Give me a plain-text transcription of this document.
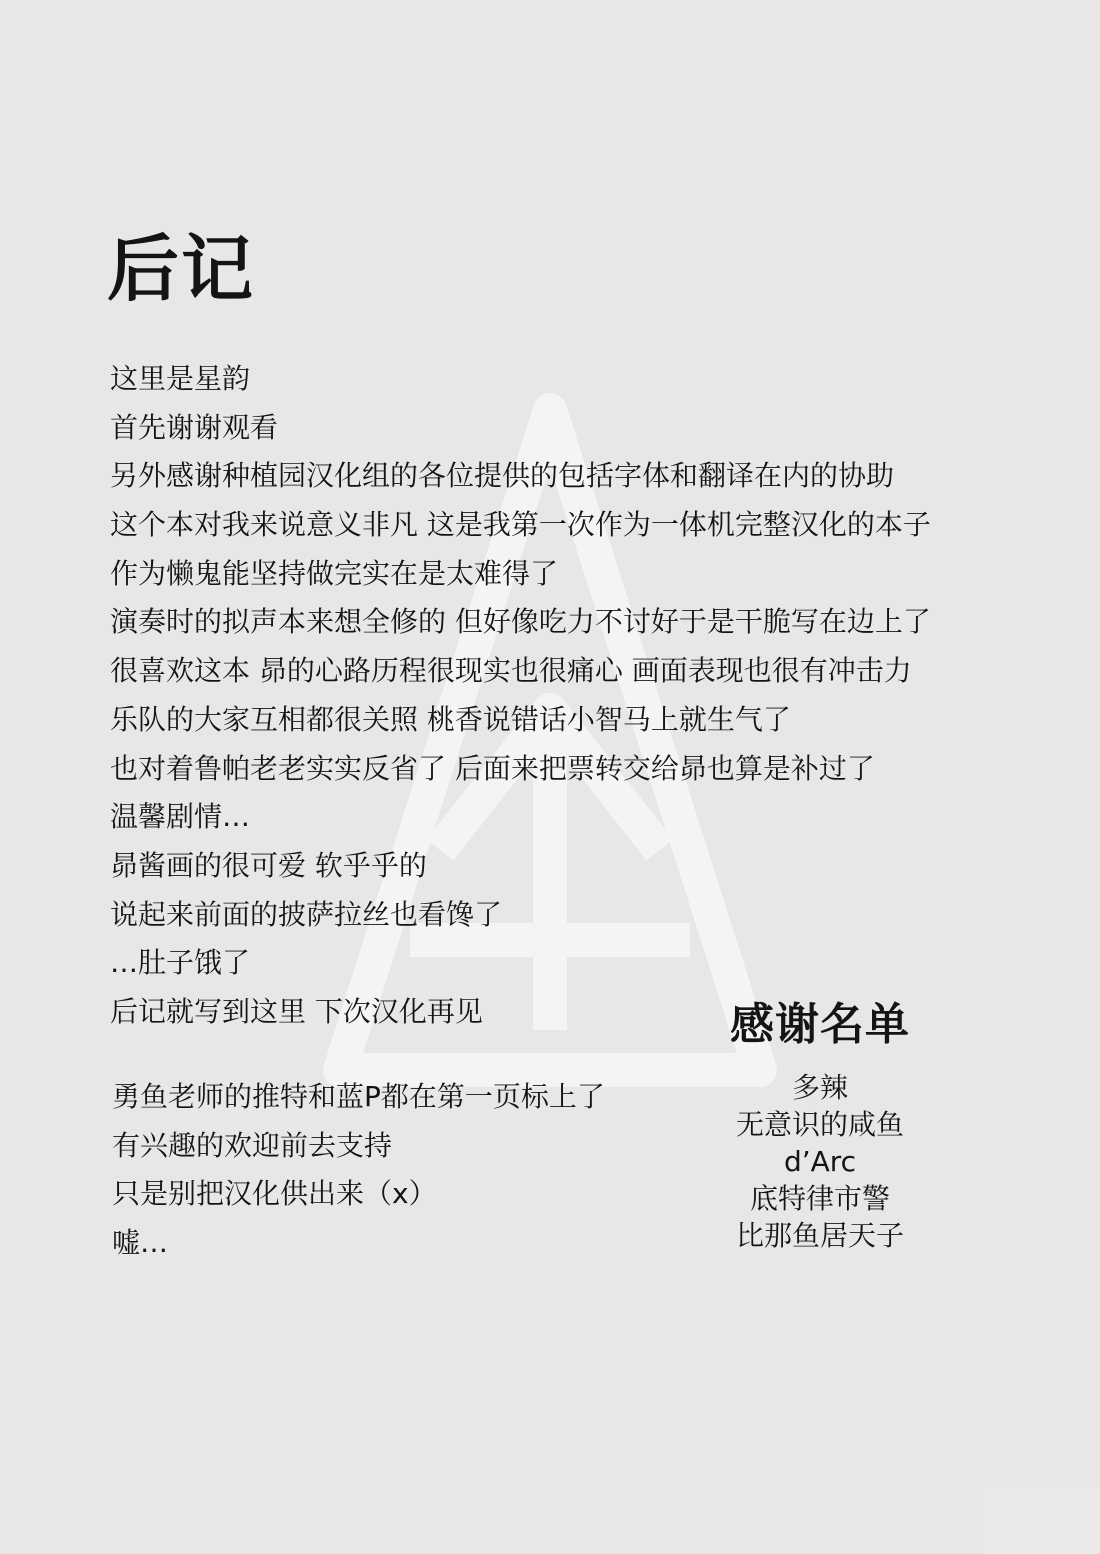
后记
这里是星韵
首先谢谢观看
另外感谢种植园汉化组的各位提供的包括字体和翻译在内的协助
这个本对我来说意义非凡 这是我第一次作为一体机完整汉化的本子
作为懒鬼能坚持做完实在是太难得了
演奏时的拟声本来想全修的 但好像吃力不讨好于是干脆写在边上了
很喜欢这本 昴的心路历程很现实也很痛心 画面表现也很有冲击力
乐队的大家互相都很关照 桃香说错话小智马上就生气了
也对着鲁帕老老实实反省了 后面来把票转交给昴也算是补过了
温馨剧情…
昴酱画的很可爱 软乎乎的
说起来前面的披萨拉丝也看馋了
…肚子饿了
后记就写到这里 下次汉化再见
勇鱼老师的推特和蓝P都在第一页标上了
有兴趣的欢迎前去支持
只是别把汉化供出来（x）
嘘…
感谢名单
多辣
无意识的咸鱼
d’Arc
底特律市警
比那鱼居天子
